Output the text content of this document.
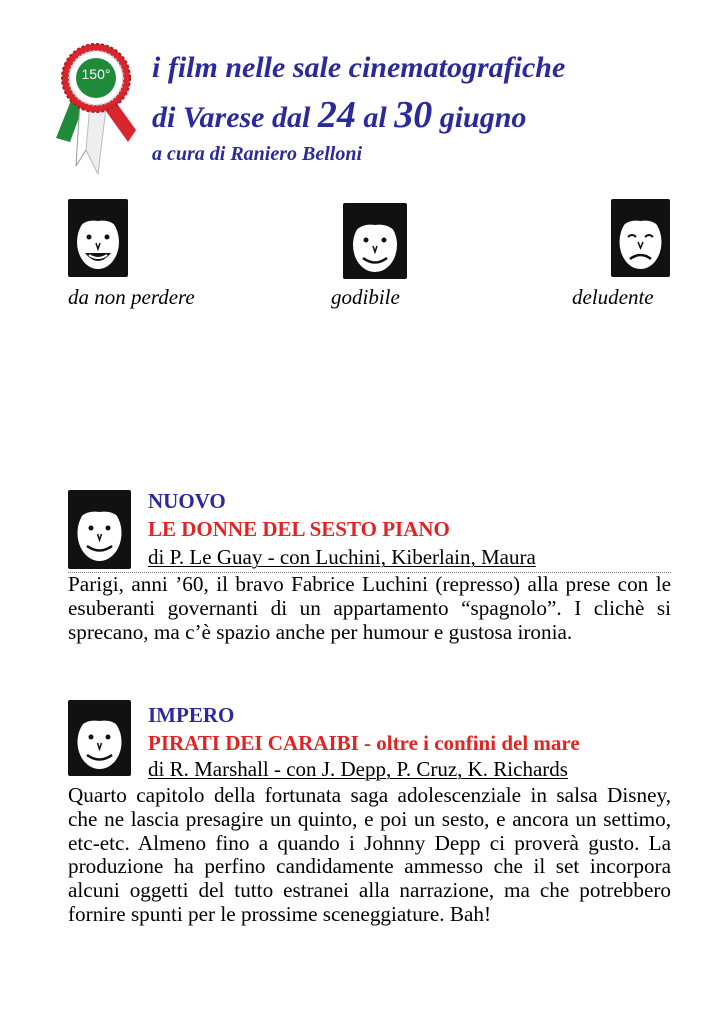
150° i film nelle sale cinematografiche
di Varese dal 24 al 30 giugno
a cura di Raniero Belloni
da non perdere	godibile	deludente
NUOVO
LE DONNE DEL SESTO PIANO
di P. Le Guay - con Luchini, Kiberlain, Maura
Parigi, anni ’60, il bravo Fabrice Luchini (represso) alla prese con le esuberanti governanti di un appartamento “spagnolo”. I clichè si sprecano, ma c’è spazio anche per humour e gustosa ironia.
IMPERO
PIRATI DEI CARAIBI - oltre i confini del mare
di R. Marshall - con J. Depp, P. Cruz, K. Richards
Quarto capitolo della fortunata saga adolescenziale in salsa Disney, che ne lascia presagire un quinto, e poi un sesto, e ancora un settimo, etc-etc. Almeno fino a quando i Johnny Depp ci proverà gusto. La produzione ha perfino candidamente ammesso che il set incorpora alcuni oggetti del tutto estranei alla narrazione, ma che potrebbero fornire spunti per le prossime sceneggiature. Bah!
